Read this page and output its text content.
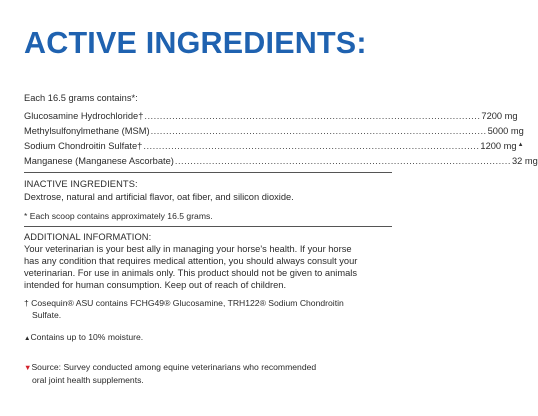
ACTIVE INGREDIENTS:
Each 16.5 grams contains*:
Glucosamine Hydrochloride† ............................................................................................................. 7200 mg
Methylsulfonylmethane (MSM) ............................................................................................................. 5000 mg
Sodium Chondroitin Sulfate† ............................................................................................................. 1200 mg ▲
Manganese (Manganese Ascorbate) ............................................................................................................. 32 mg
INACTIVE INGREDIENTS:
Dextrose, natural and artificial flavor, oat fiber, and silicon dioxide.
* Each scoop contains approximately 16.5 grams.
ADDITIONAL INFORMATION:
Your veterinarian is your best ally in managing your horse's health. If your horse
has any condition that requires medical attention, you should always consult your
veterinarian. For use in animals only. This product should not be given to animals
intended for human consumption. Keep out of reach of children.
† Cosequin® ASU contains FCHG49® Glucosamine, TRH122® Sodium Chondroitin
Sulfate.
▲Contains up to 10% moisture.
▼Source: Survey conducted among equine veterinarians who recommended
oral joint health supplements.
